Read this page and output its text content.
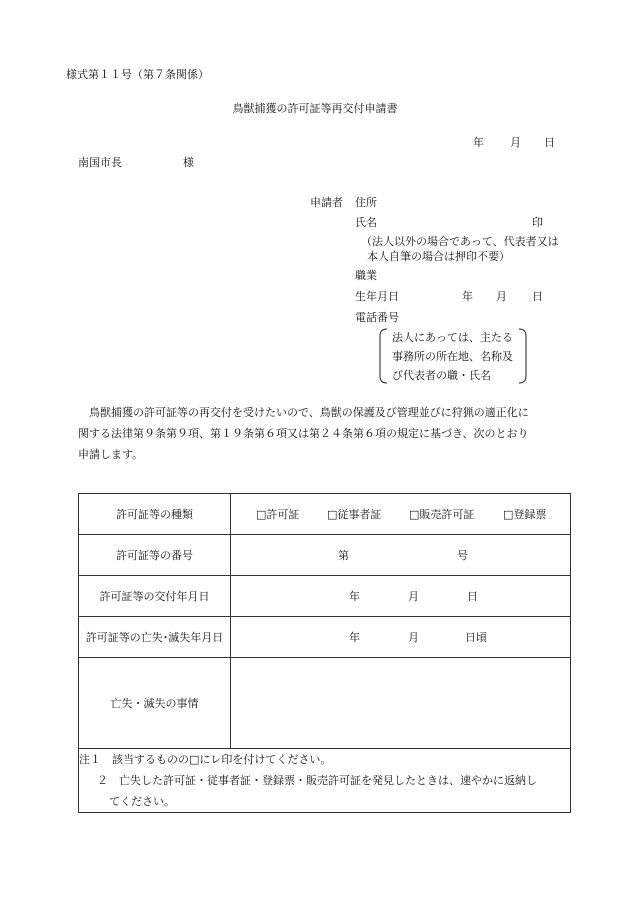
様式第１１号（第７条関係）
鳥獣捕獲の許可証等再交付申請書
年 月 日
南国市長	様
申請者 住所
氏名	印
（法人以外の場合であって、代表者又は
本人自筆の場合は押印不要）
職業
生年月日	年 月 日
電話番号
法人にあっては、主たる
事務所の所在地、名称及
び代表者の職・氏名
鳥獣捕獲の許可証等の再交付を受けたいので、鳥獣の保護及び管理並びに狩猟の適正化に
関する法律第９条第９項、第１９条第６項又は第２４条第６項の規定に基づき、次のとおり
申請します。
許可証等の種類	□許可証 □従事者証 □販売許可証 □登録票

許可証等の番号	第 号

許可証等の交付年月日	年 月 日

許可証等の亡失･滅失年月日	年 月 日頃

亡失・滅失の事情	

注１　該当するものの□にレ印を付けてください。
２　亡失した許可証・従事者証・登録票・販売許可証を発見したときは、速やかに返納し
てください。	
